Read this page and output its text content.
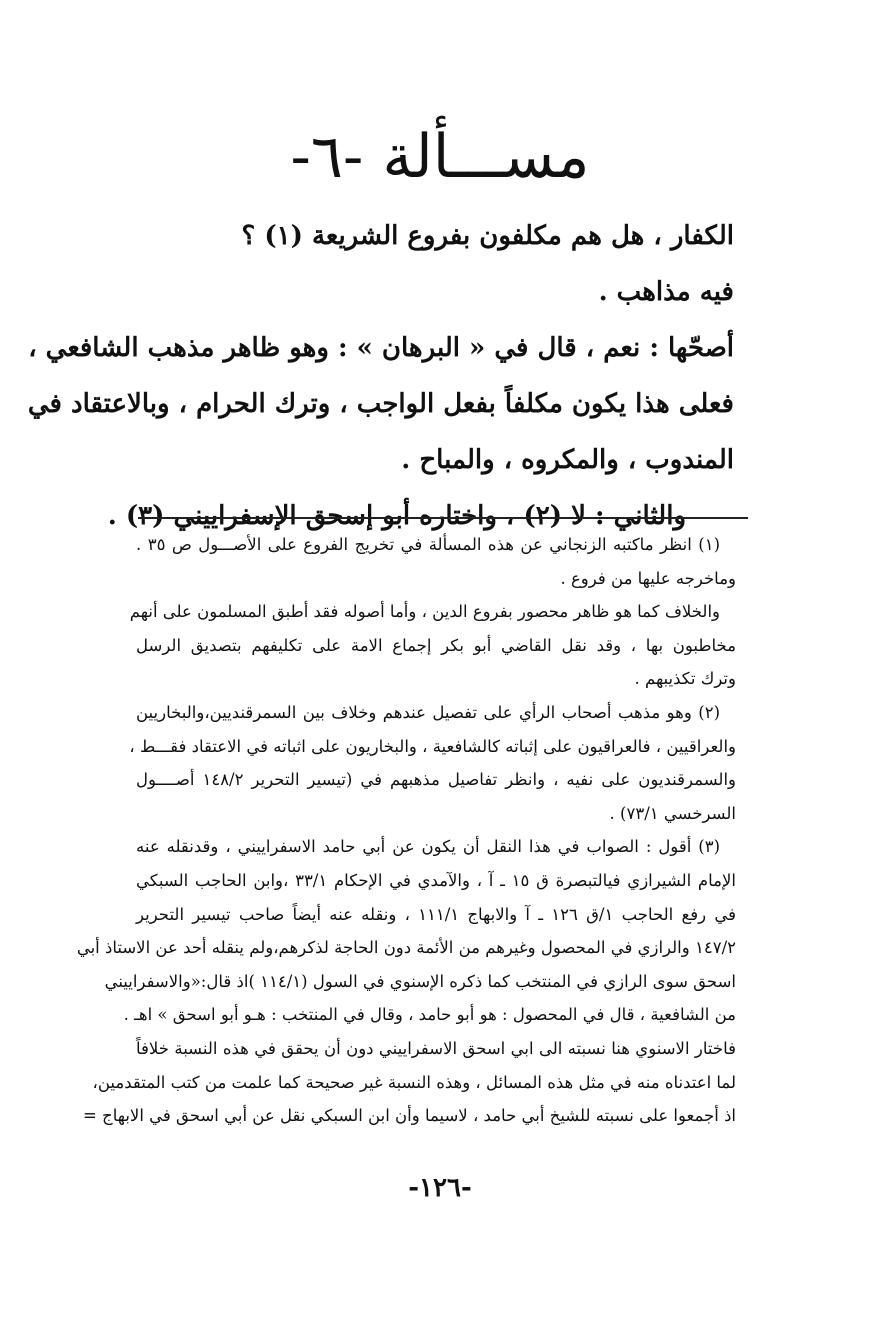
مســـألة -٦-
الكفار ، هل هم مكلفون بفروع الشريعة (١) ؟
فيه مذاهب .
أصحّها : نعم ، قال في « البرهان » : وهو ظاهر مذهب الشافعي ،
فعلى هذا يكون مكلفاً بفعل الواجب ، وترك الحرام ، وبالاعتقاد في
المندوب ، والمكروه ، والمباح .
والثاني : لا (٢) ، واختاره أبو إسحق الإسفراييني (٣) .
(١) انظر ماكتبه الزنجاني عن هذه المسألة في تخريج الفروع على الأصـــول ص ٣٥ .
وماخرجه عليها من فروع .
والخلاف كما هو ظاهر محصور بفروع الدين ، وأما أصوله فقد أطبق المسلمون على أنهم
مخاطبون بها ، وقد نقل القاضي أبو بكر إجماع الامة على تكليفهم بتصديق الرسل
وترك تكذيبهم .
(٢) وهو مذهب أصحاب الرأي على تفصيل عندهم وخلاف بين السمرقنديين،والبخاريين
والعراقيين ، فالعراقيون على إثباته كالشافعية ، والبخاريون على اثباته في الاعتقاد فقـــط ،
والسمرقنديون على نفيه ، وانظر تفاصيل مذهبهم في (تيسير التحرير ١٤٨/٢ أصــــول
السرخسي ٧٣/١) .
(٣) أقول : الصواب في هذا النقل أن يكون عن أبي حامد الاسفراييني ، وقدنقله عنه
الإمام الشيرازي فيالتبصرة ق ١٥ ـ آ ، والآمدي في الإحكام ٣٣/١ ،وابن الحاجب السبكي
في رفع الحاجب ١/ق ١٢٦ ـ آ والابهاج ١١١/١ ، ونقله عنه أيضاً صاحب تيسير التحرير
١٤٧/٢ والرازي في المحصول وغيرهم من الأئمة دون الحاجة لذكرهم،ولم ينقله أحد عن الاستاذ أبي
اسحق سوى الرازي في المنتخب كما ذكره الإسنوي في السول (١١٤/١ )اذ قال:«والاسفراييني
من الشافعية ، قال في المحصول : هو أبو حامد ، وقال في المنتخب : هـو أبو اسحق » اهـ .
فاختار الاسنوي هنا نسبته الى ابي اسحق الاسفراييني دون أن يحقق في هذه النسبة خلافاً
لما اعتدناه منه في مثل هذه المسائل ، وهذه النسبة غير صحيحة كما علمت من كتب المتقدمين،
اذ أجمعوا على نسبته للشيخ أبي حامد ، لاسيما وأن ابن السبكي نقل عن أبي اسحق في الابهاج =
-١٢٦-
